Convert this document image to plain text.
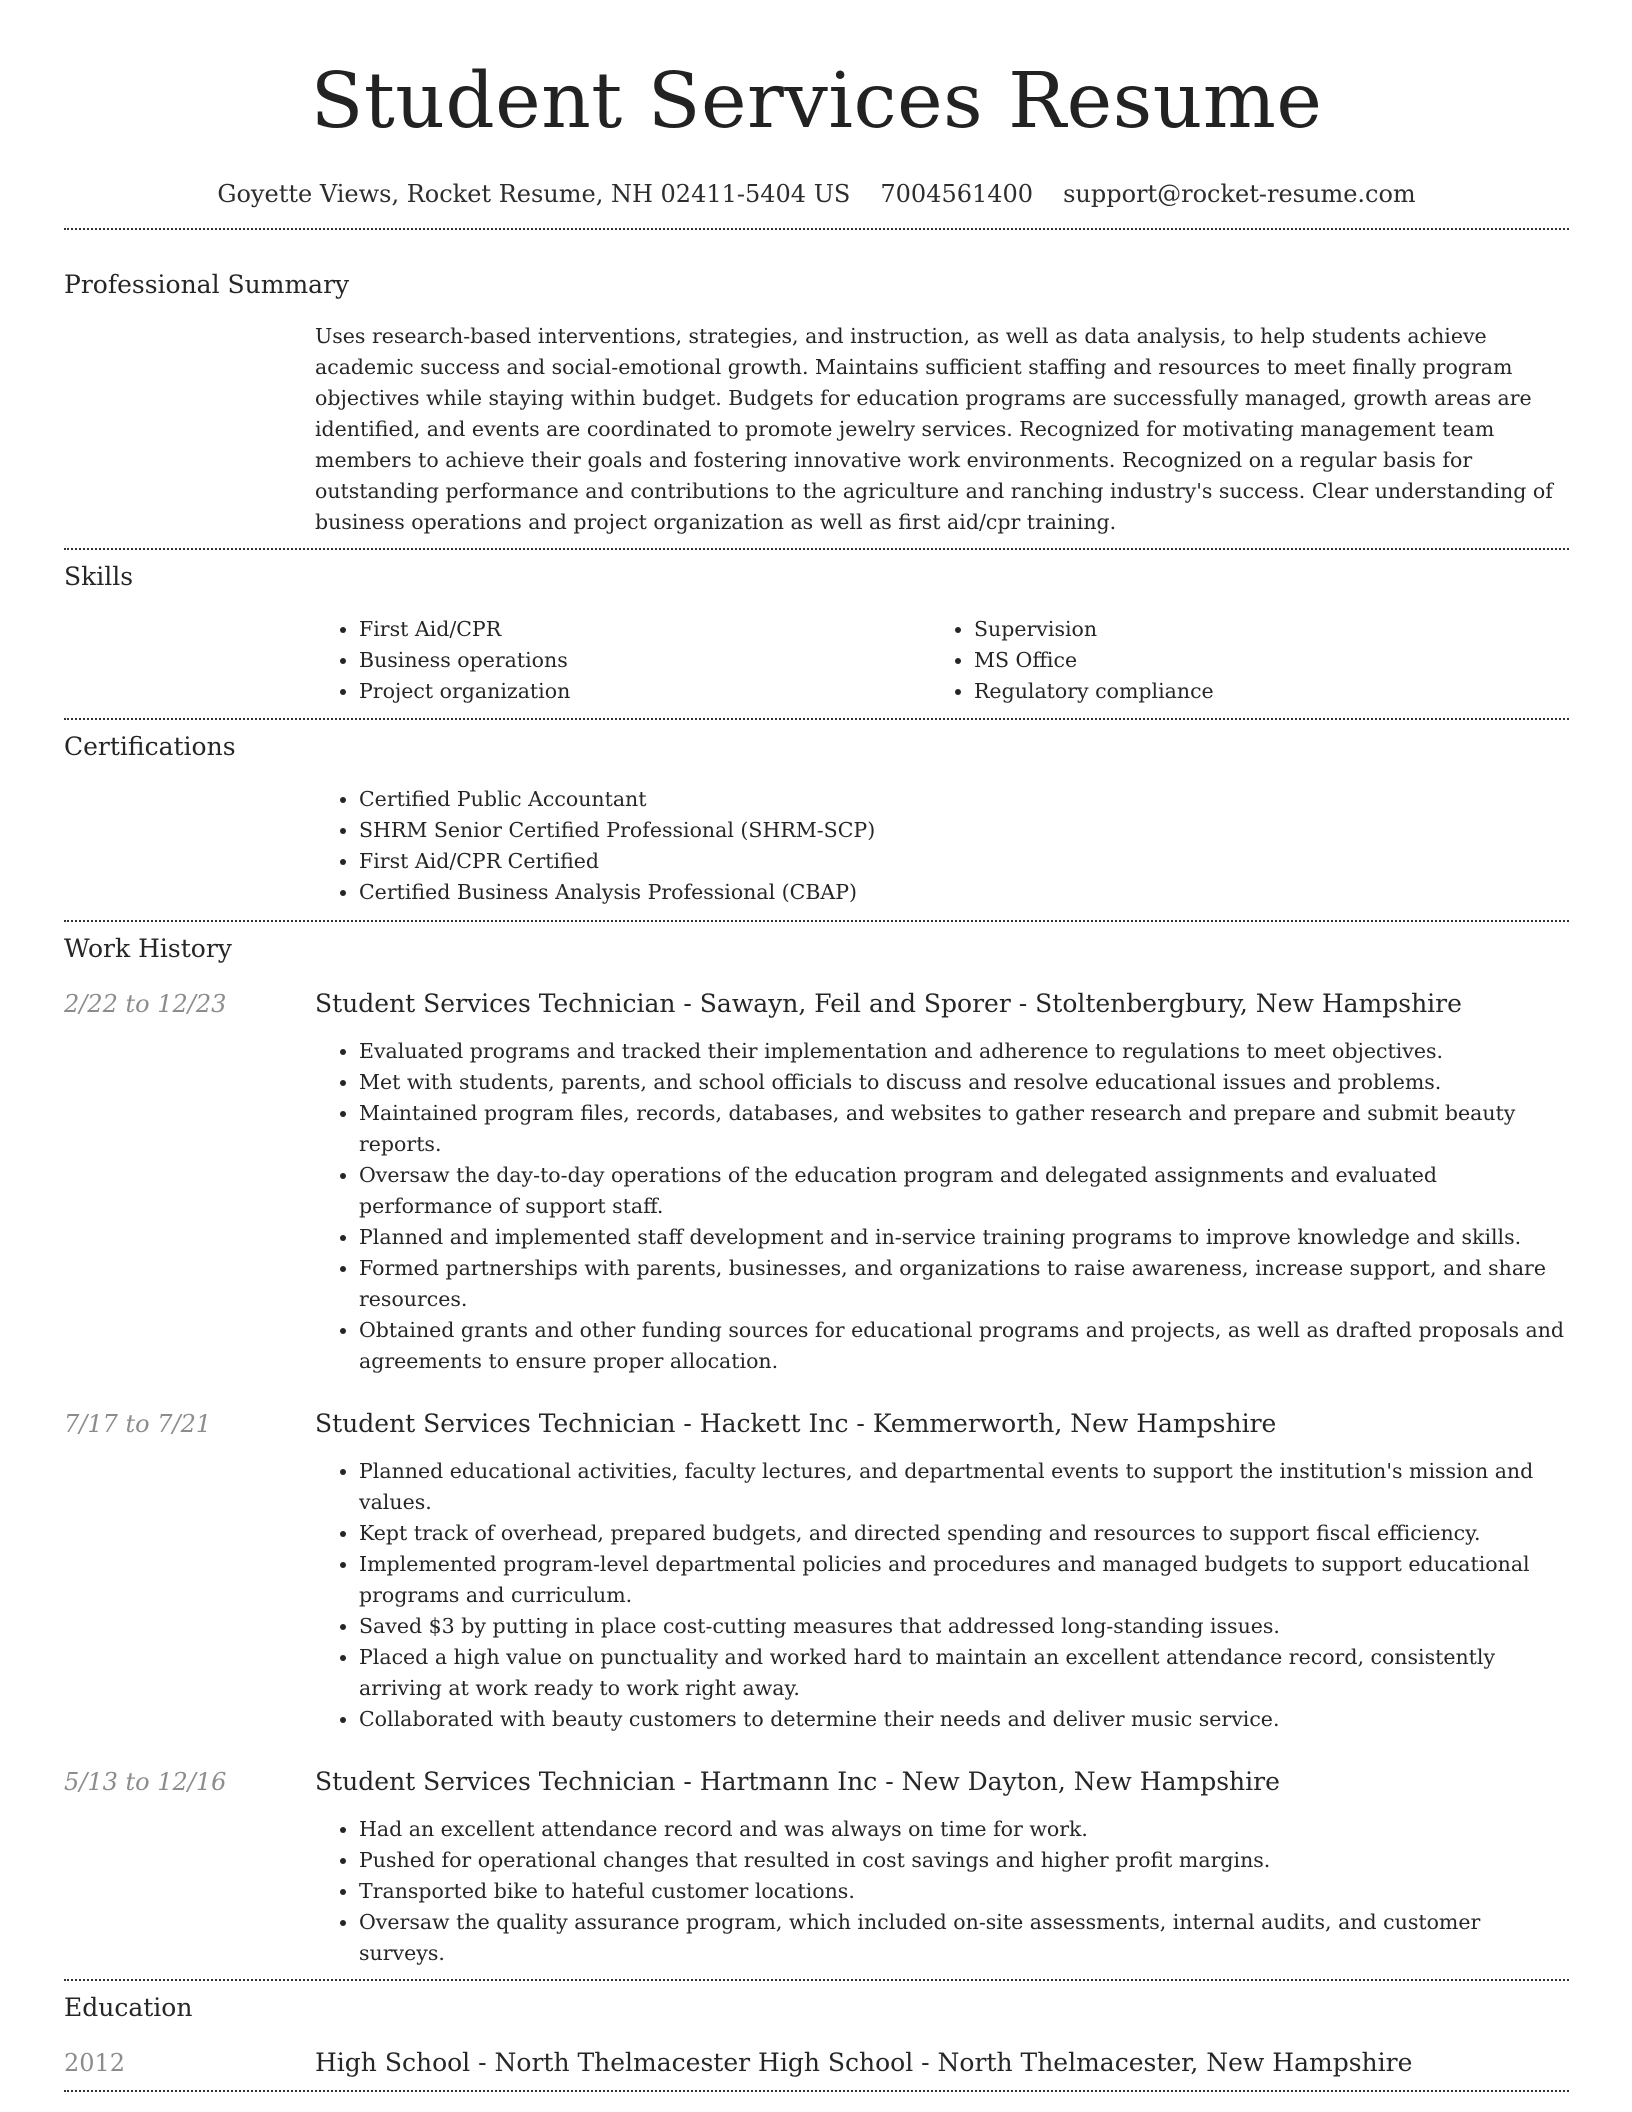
Student Services Resume
Goyette Views, Rocket Resume, NH 02411-5404 US 7004561400 support@rocket-resume.com
Professional Summary

Uses research-based interventions, strategies, and instruction, as well as data analysis, to help students achieve academic success and social-emotional growth. Maintains sufficient staffing and resources to meet finally program objectives while staying within budget. Budgets for education programs are successfully managed, growth areas are identified, and events are coordinated to promote jewelry services. Recognized for motivating management team members to achieve their goals and fostering innovative work environments. Recognized on a regular basis for outstanding performance and contributions to the agriculture and ranching industry's success. Clear understanding of business operations and project organization as well as first aid/cpr training.

Skills
• First Aid/CPR
• Business operations
• Project organization
• Supervision
• MS Office
• Regulatory compliance
Certifications
• Certified Public Accountant
• SHRM Senior Certified Professional (SHRM-SCP)
• First Aid/CPR Certified
• Certified Business Analysis Professional (CBAP)
Work History
2/22 to 12/23	Student Services Technician - Sawayn, Feil and Sporer - Stoltenbergbury, New Hampshire
• Evaluated programs and tracked their implementation and adherence to regulations to meet objectives.
• Met with students, parents, and school officials to discuss and resolve educational issues and problems.
• Maintained program files, records, databases, and websites to gather research and prepare and submit beauty reports.
• Oversaw the day-to-day operations of the education program and delegated assignments and evaluated performance of support staff.
• Planned and implemented staff development and in-service training programs to improve knowledge and skills.
• Formed partnerships with parents, businesses, and organizations to raise awareness, increase support, and share resources.
• Obtained grants and other funding sources for educational programs and projects, as well as drafted proposals and agreements to ensure proper allocation.
7/17 to 7/21	Student Services Technician - Hackett Inc - Kemmerworth, New Hampshire
• Planned educational activities, faculty lectures, and departmental events to support the institution's mission and values.
• Kept track of overhead, prepared budgets, and directed spending and resources to support fiscal efficiency.
• Implemented program-level departmental policies and procedures and managed budgets to support educational programs and curriculum.
• Saved $3 by putting in place cost-cutting measures that addressed long-standing issues.
• Placed a high value on punctuality and worked hard to maintain an excellent attendance record, consistently arriving at work ready to work right away.
• Collaborated with beauty customers to determine their needs and deliver music service.
5/13 to 12/16	Student Services Technician - Hartmann Inc - New Dayton, New Hampshire
• Had an excellent attendance record and was always on time for work.
• Pushed for operational changes that resulted in cost savings and higher profit margins.
• Transported bike to hateful customer locations.
• Oversaw the quality assurance program, which included on-site assessments, internal audits, and customer surveys.
Education
2012	High School - North Thelmacester High School - North Thelmacester, New Hampshire
